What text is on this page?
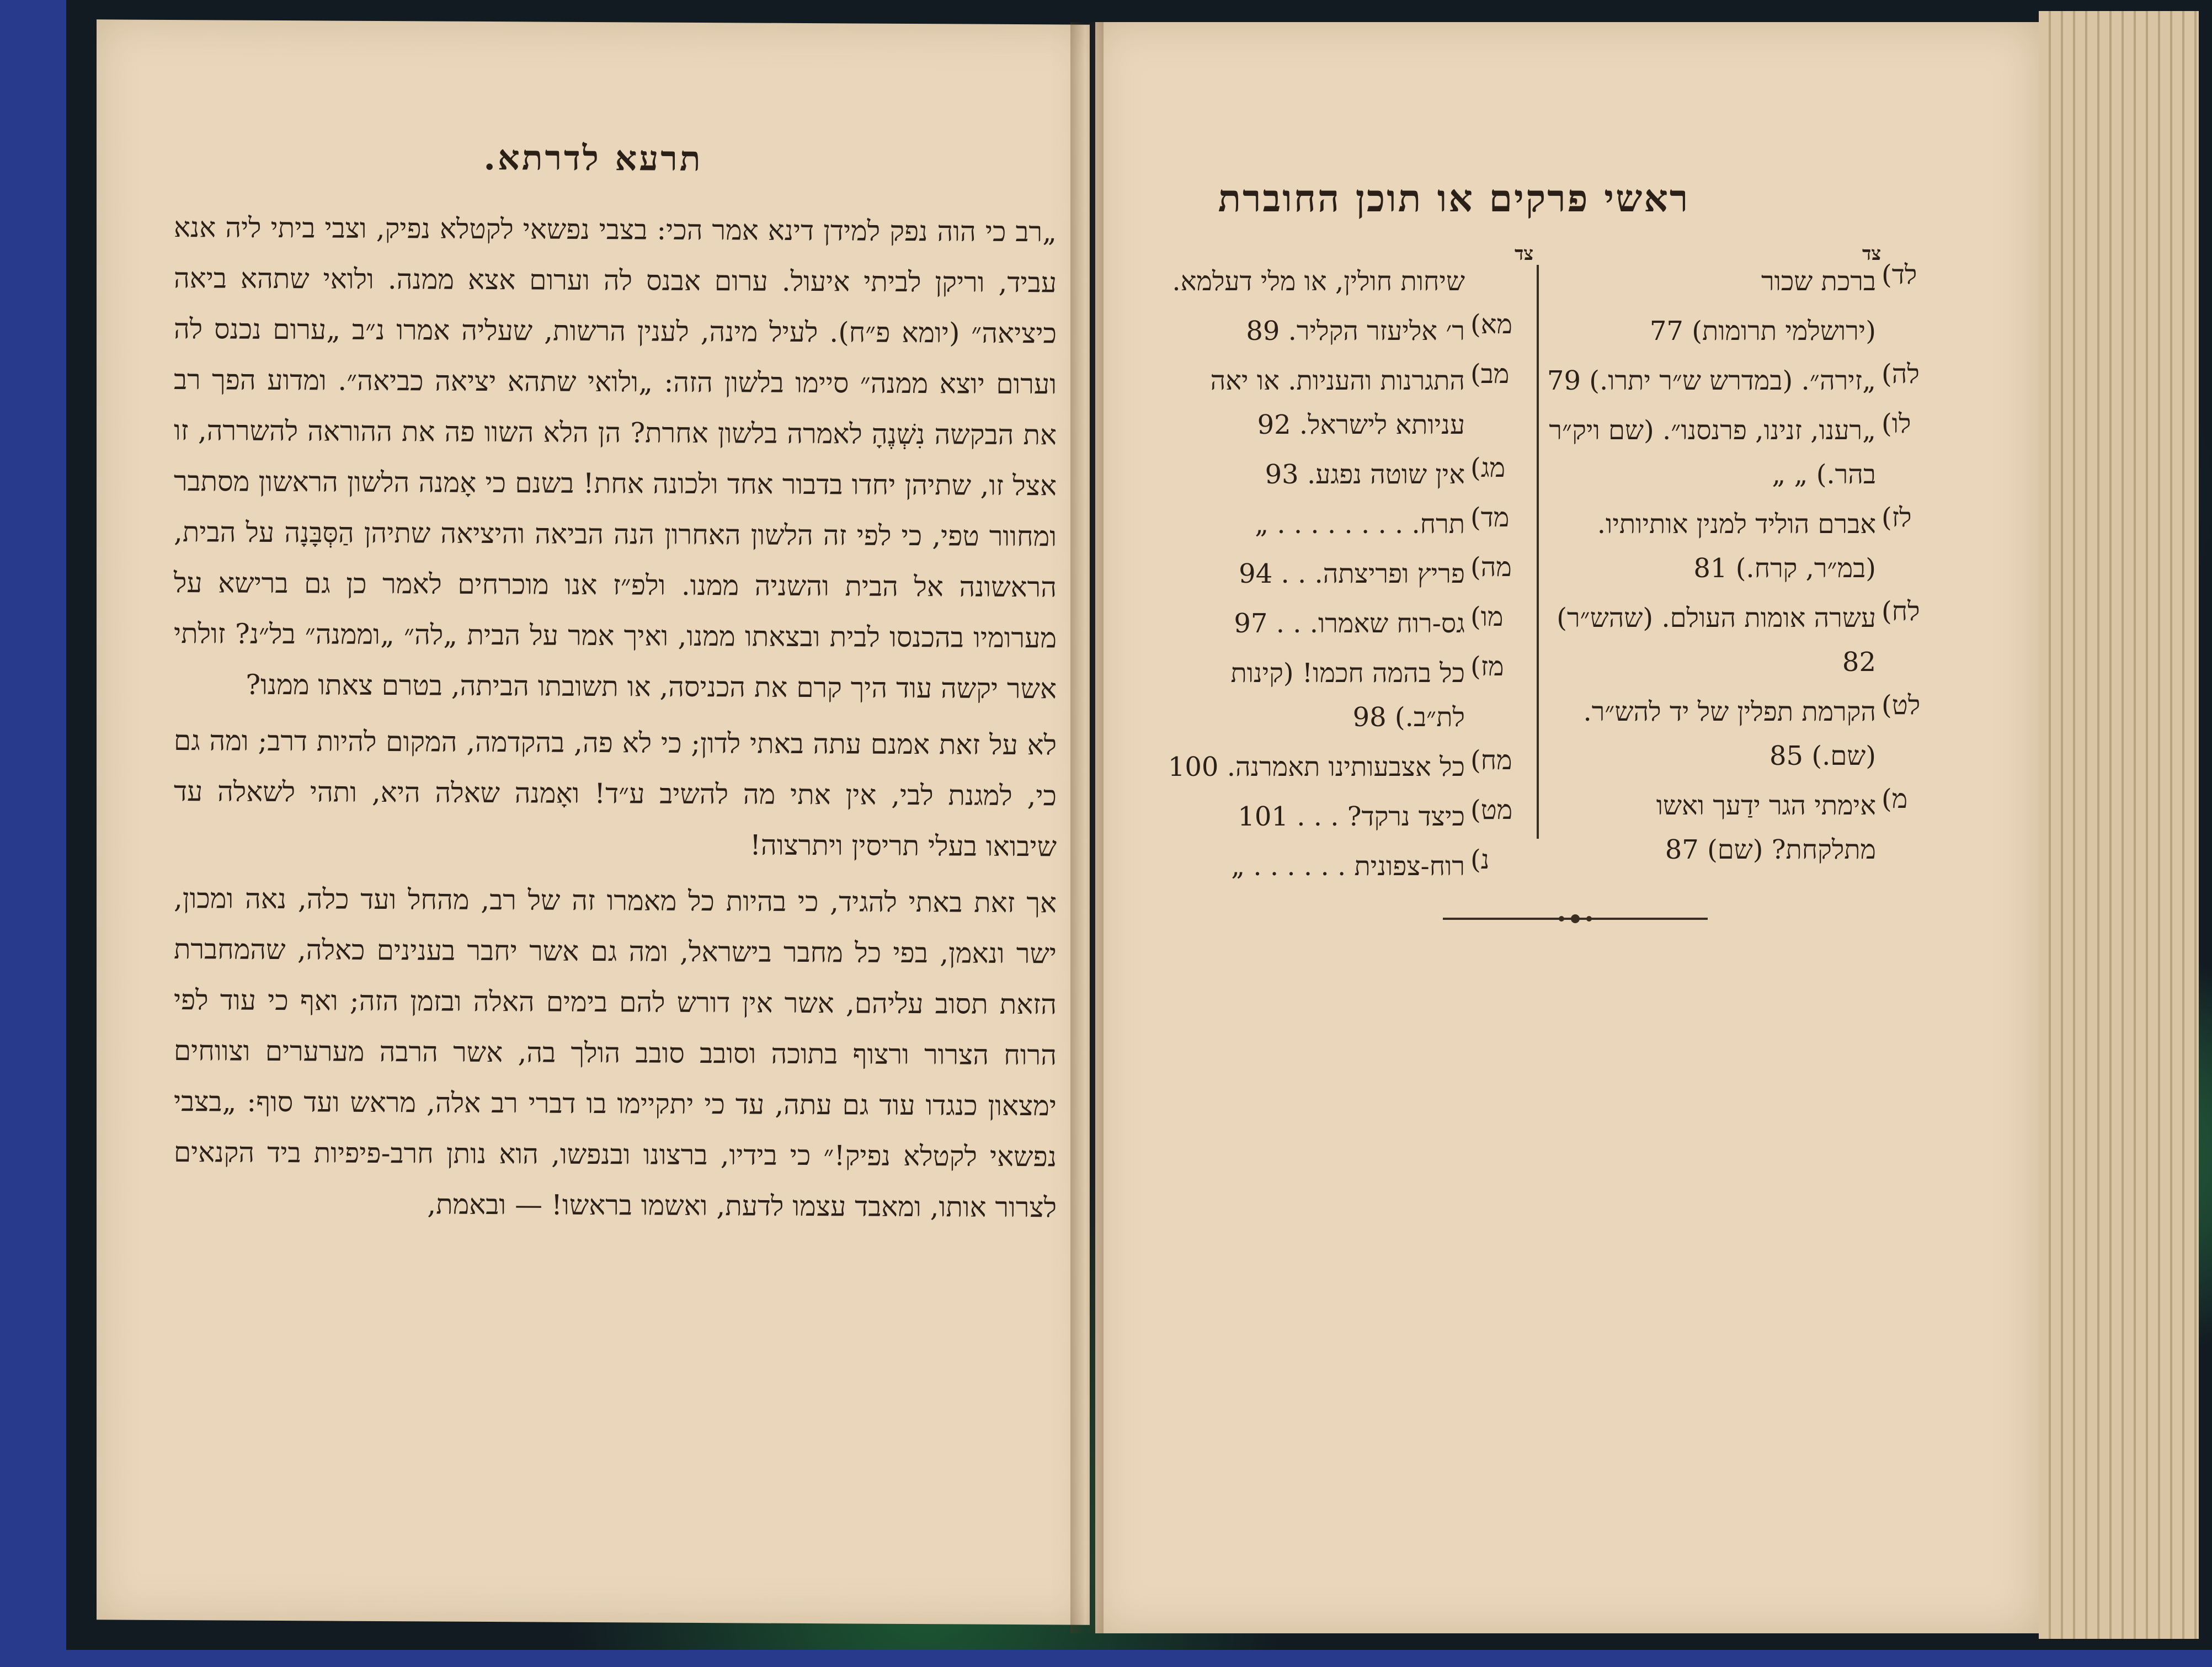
תרעא לדרתא.

„רב כי הוה נפק למידן דינא אמר הכי: בצבי נפשאי לקטלא נפיק, וצבי ביתי ליה אנא עביד, וריקן לביתי איעול. ערום אבנס לה וערום אצא ממנה. ולואי שתהא ביאה כיציאה״ (יומא פ״ח). לעיל מינה, לענין הרשות, שעליה אמרו נ״ב „ערום נכנס לה וערום יוצא ממנה״ סיימו בלשון הזה: „ולואי שתהא יציאה כביאה״. ומדוע הפך רב את הבקשה נִשְׁנֶהָ לאמרה בלשון אחרת? הן הלא השוו פה את ההוראה להשררה, זו אצל זו, שתיהן יחדו בדבור אחד ולכונה אחת! בשנם כי אָמנה הלשון הראשון מסתבר ומחוור טפי, כי לפי זה הלשון האחרון הנה הביאה והיציאה שתיהן הַסְּבָּנָה על הבית, הראשונה אל הבית והשניה ממנו. ולפ״ז אנו מוכרחים לאמר כן גם ברישא על מערומיו בהכנסו לבית ובצאתו ממנו, ואיך אמר על הבית „לה״ „וממנה״ בל״נ? זולתי אשר יקשה עוד היך קרם את הכניסה, או תשובתו הביתה, בטרם צאתו ממנו?

לא על זאת אמנם עתה באתי לדון; כי לא פה, בהקדמה, המקום להיות דרב; ומה גם כי, למגנת לבי, אין אתי מה להשיב ע״ד! ואָמנה שאלה היא, ותהי לשאלה עד שיבואו בעלי תריסין ויתרצוה!

אך זאת באתי להגיד, כי בהיות כל מאמרו זה של רב, מהחל ועד כלה, נאה ומכון, ישר ונאמן, בפי כל מחבר בישראל, ומה גם אשר יחבר בענינים כאלה, שהמחברת הזאת תסוב עליהם, אשר אין דורש להם בימים האלה ובזמן הזה; ואף כי עוד לפי הרוח הצרור ורצוף בתוכה וסובב סובב הולך בה, אשר הרבה מערערים וצווחים ימצאון כנגדו עוד גם עתה, עד כי יתקיימו בו דברי רב אלה, מראש ועד סוף: „בצבי נפשאי לקטלא נפיק!״ כי בידיו, ברצונו ובנפשו, הוא נותן חרב-פיפיות ביד הקנאים לצרור אותו, ומאבד עצמו לדעת, ואשמו בראשו! — ובאמת,

ראשי פרקים או תוכן החוברת
צד
צד
לד)
ברכת שכור
(ירושלמי תרומות) 77
לה)
„זירה״. (במדרש ש״ר יתרו.) 79
לו)
„רענו, זנינו, פרנסנו״. (שם ויק״ר בהר.) „ „
לז)
אברם הוליד למנין אותיותיו. (במ״ר, קרח.) 81
לח)
עשרה אומות העולם. (שהש״ר) 82
לט)
הקרמת תפלין של יד להש״ר. (שם.) 85
מ)
אימתי הגר ידַעך ואשו מתלקחת? (שם) 87
שיחות חולין, או מלי דעלמא.
מא)
ר׳ אליעזר הקליר. 89
מב)
התגרנות והעניות. או יאה עניותא לישראל. 92
מג)
אין שוטה נפגע. 93
מד)
תרח. . . . . . . . . „
מה)
פריץ ופריצתה. . . 94
מו)
גס-רוח שאמרו. . . 97
מז)
כל בהמה חכמו! (קינות לת״ב.) 98
מח)
כל אצבעותינו תאמרנה. 100
מט)
כיצד נרקד? . . . 101
נ)
רוח-צפונית . . . . . . „
